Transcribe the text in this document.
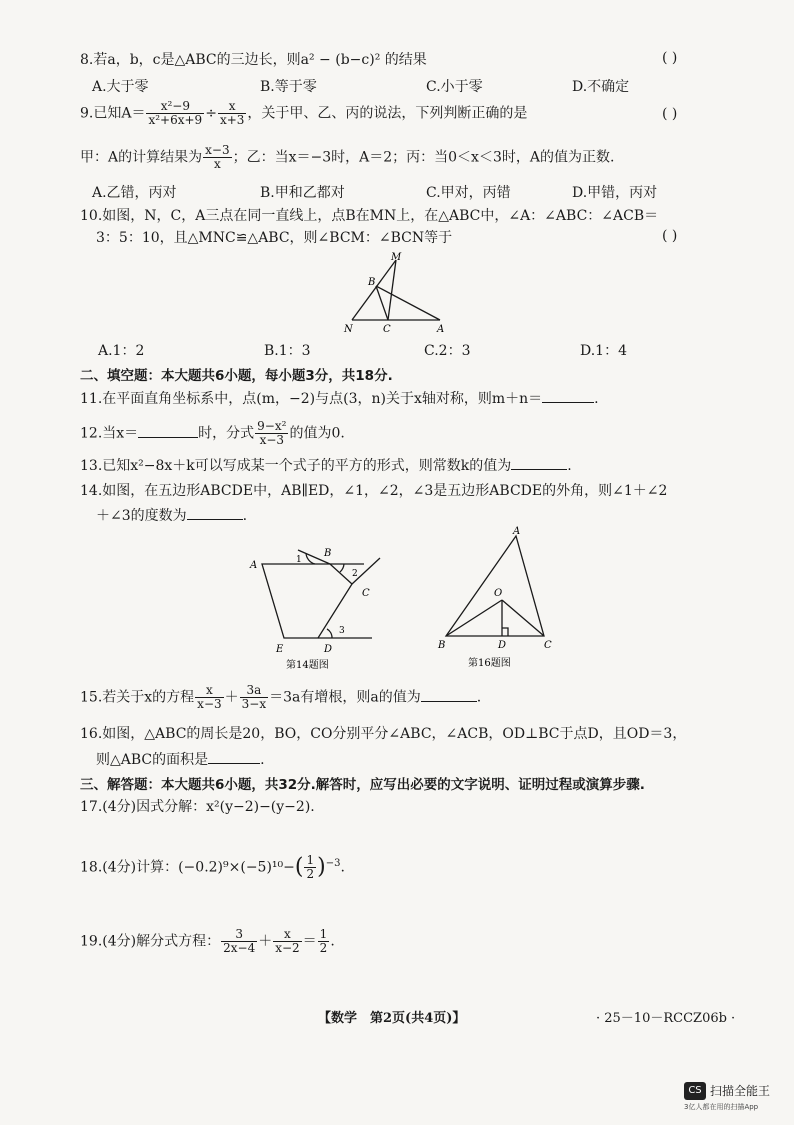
8.若a，b，c是△ABC的三边长，则a² − (b−c)² 的结果	( )
A.大于零	B.等于零	C.小于零	D.不确定
9.已知$A= \frac{\text{x²−9}}{\text{x²+6x+9}} \div \frac{x}{x+3}$ ，关于甲、乙、丙的说法，下列判断正确的是	( )
甲：A的计算结果为 $\frac{x-3}{x}$ ；乙：当x＝−3时，A＝2；丙：当0＜x＜3时，A的值为正数.
A.乙错，丙对	B.甲和乙都对	C.甲对，丙错	D.甲错，丙对
10.如图，N，C，A三点在同一直线上，点B在MN上，在△ABC中，∠A：∠ABC：∠ACB＝
3：5：10，且△MNC≌△ABC，则∠BCM：∠BCN等于	( )
M
B
N	C	A
A.1：2	B.1：3	C.2：3	D.1：4
二、填空题：本大题共6小题，每小题3分，共18分.
11.在平面直角坐标系中，点(m，−2)与点(3，n)关于x轴对称，则m＋n＝	.
12.当x＝	时，分式 $\frac{\text{9−x²}}{x-3}$ 的值为0.
13.已知x²−8x＋k可以写成某一个式子的平方的形式，则常数k的值为	.
14.如图，在五边形ABCDE中，AB∥ED，∠1，∠2，∠3是五边形ABCDE的外角，则∠1＋∠2
＋∠3的度数为	.
A
B
C
D
E
1
2
3
第14题图
A
B	C
D
O
第16题图
15.若关于x的方程 $\frac{x}{x-3} + \frac{3a}{3-x} =3a$有增根，则a的值为	.
16.如图，△ABC的周长是20，BO，CO分别平分∠ABC，∠ACB，OD⊥BC于点D，且OD＝3，
则△ABC的面积是	.
三、解答题：本大题共6小题，共32分.解答时，应写出必要的文字说明、证明过程或演算步骤.
17.(4分)因式分解：x²(y−2)−(y−2).
18.(4分)计算：$(-0.2)^9\times(-5)^{10}-( \frac{1}{2} )^{-3}$.
19.(4分)解分式方程： $\frac{3}{2x-4} + \frac{x}{x-2} = \frac{1}{2}$ .
【数学　第2页(共4页)】	· 25－10－RCCZ06b ·
CS 扫描全能王
3亿人都在用的扫描App
